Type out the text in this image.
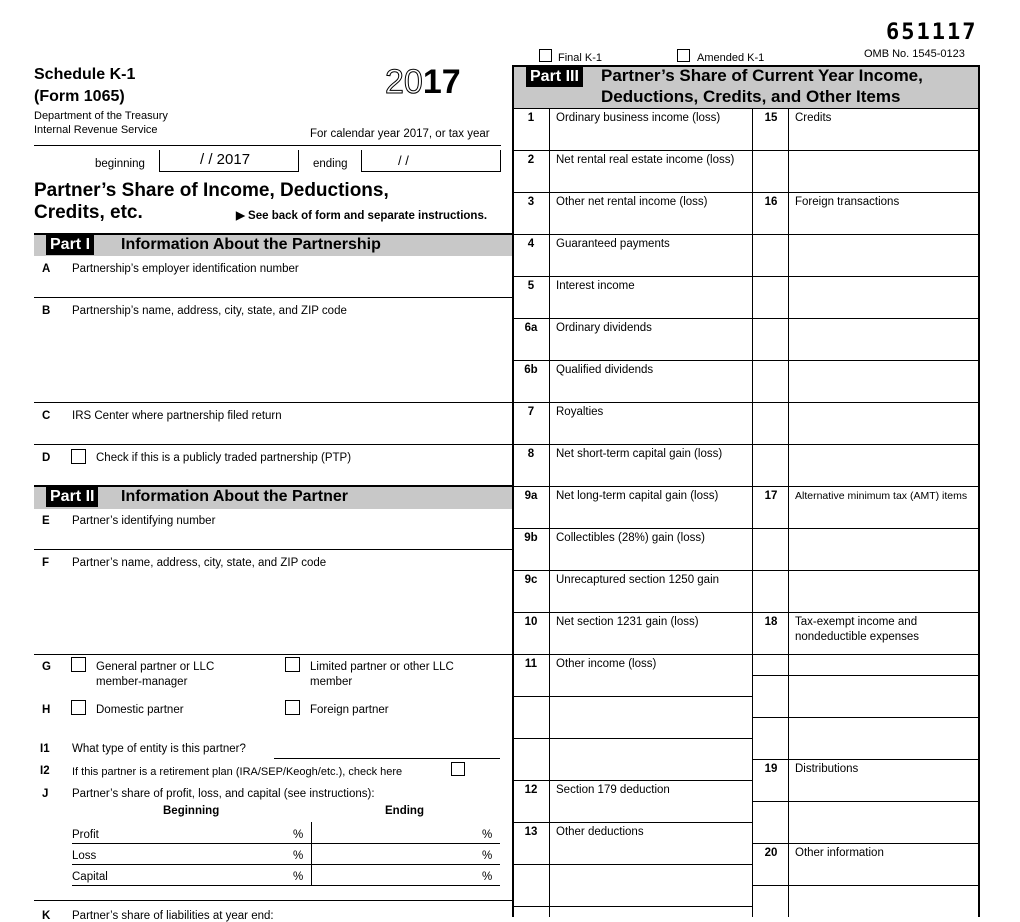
651117
OMB No. 1545-0123
Final K-1	Amended K-1
Schedule K-1
(Form 1065)	2017
Department of the Treasury
Internal Revenue Service	For calendar year 2017, or tax year
beginning	/ / 2017	ending	/ /
Partner’s Share of Income, Deductions,
Credits, etc.	▶ See back of form and separate instructions.
Part I Information About the Partnership
A Partnership’s employer identification number
B Partnership’s name, address, city, state, and ZIP code
C IRS Center where partnership filed return
D	Check if this is a publicly traded partnership (PTP)
Part II Information About the Partner
E Partner’s identifying number
F Partner’s name, address, city, state, and ZIP code
G	General partner or LLC
member-manager
Limited partner or other LLC
member
H	Domestic partner	Foreign partner
I1 What type of entity is this partner?
I2 If this partner is a retirement plan (IRA/SEP/Keogh/etc.), check here
J Partner’s share of profit, loss, and capital (see instructions):
Beginning	Ending
Profit	%	%
Loss	%	%
Capital	%	%
K Partner’s share of liabilities at year end:
Part III Partner’s Share of Current Year Income,
Deductions, Credits, and Other Items
1	Ordinary business income (loss)
2	Net rental real estate income (loss)
3	Other net rental income (loss)
4	Guaranteed payments
5	Interest income
6a	Ordinary dividends
6b	Qualified dividends
7	Royalties
8	Net short-term capital gain (loss)
9a	Net long-term capital gain (loss)
9b	Collectibles (28%) gain (loss)
9c	Unrecaptured section 1250 gain
10	Net section 1231 gain (loss)
11	Other income (loss)
12	Section 179 deduction
13	Other deductions
15	Credits
16	Foreign transactions
17	Alternative minimum tax (AMT) items
18	Tax-exempt income and
nondeductible expenses
19	Distributions
20	Other information
